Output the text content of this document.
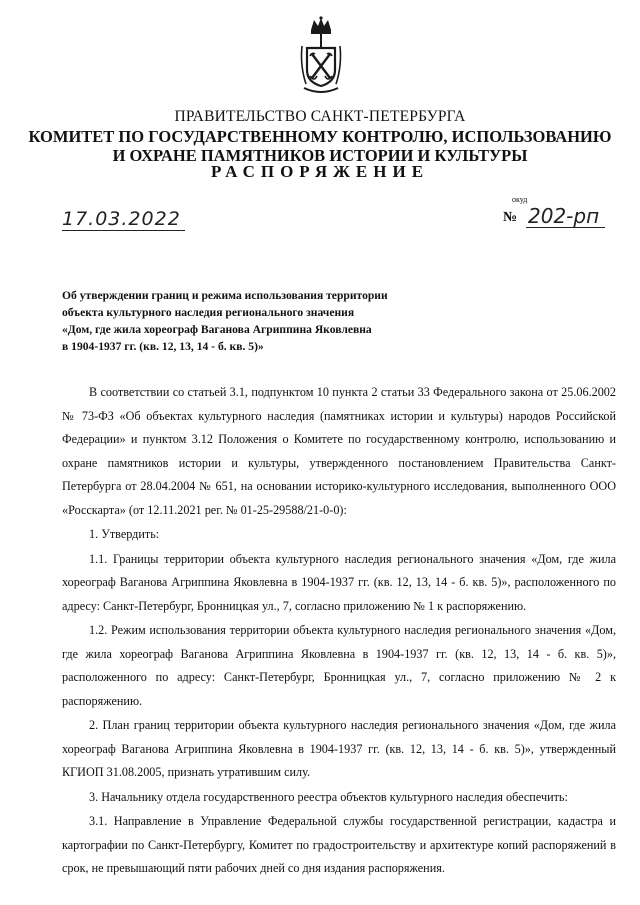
ПРАВИТЕЛЬСТВО САНКТ-ПЕТЕРБУРГА
КОМИТЕТ ПО ГОСУДАРСТВЕННОМУ КОНТРОЛЮ, ИСПОЛЬЗОВАНИЮ
И ОХРАНЕ ПАМЯТНИКОВ ИСТОРИИ И КУЛЬТУРЫ
РАСПОРЯЖЕНИЕ
окуд
17.03.2022	№ 202-рп
Об утверждении границ и режима использования территории
объекта культурного наследия регионального значения
«Дом, где жила хореограф Ваганова Агриппина Яковлевна
в 1904-1937 гг. (кв. 12, 13, 14 - б. кв. 5)»

В соответствии со статьей 3.1, подпунктом 10 пункта 2 статьи 33 Федерального закона от 25.06.2002 № 73-ФЗ «Об объектах культурного наследия (памятниках истории и культуры) народов Российской Федерации» и пунктом 3.12 Положения о Комитете по государственному контролю, использованию и охране памятников истории и культуры, утвержденного постановлением Правительства Санкт-Петербурга от 28.04.2004 № 651, на основании историко-культурного исследования, выполненного ООО «Росскарта» (от 12.11.2021 рег. № 01-25-29588/21-0-0):

1. Утвердить:

1.1. Границы территории объекта культурного наследия регионального значения «Дом, где жила хореограф Ваганова Агриппина Яковлевна в 1904-1937 гг. (кв. 12, 13, 14 - б. кв. 5)», расположенного по адресу: Санкт-Петербург, Бронницкая ул., 7, согласно приложению № 1 к распоряжению.

1.2. Режим использования территории объекта культурного наследия регионального значения «Дом, где жила хореограф Ваганова Агриппина Яковлевна в 1904-1937 гг. (кв. 12, 13, 14 - б. кв. 5)», расположенного по адресу: Санкт-Петербург, Бронницкая ул., 7, согласно приложению № 2 к распоряжению.

2. План границ территории объекта культурного наследия регионального значения «Дом, где жила хореограф Ваганова Агриппина Яковлевна в 1904-1937 гг. (кв. 12, 13, 14 - б. кв. 5)», утвержденный КГИОП 31.08.2005, признать утратившим силу.

3. Начальнику отдела государственного реестра объектов культурного наследия обеспечить:

3.1. Направление в Управление Федеральной службы государственной регистрации, кадастра и картографии по Санкт-Петербургу, Комитет по градостроительству и архитектуре копий распоряжений в срок, не превышающий пяти рабочих дней со дня издания распоряжения.
